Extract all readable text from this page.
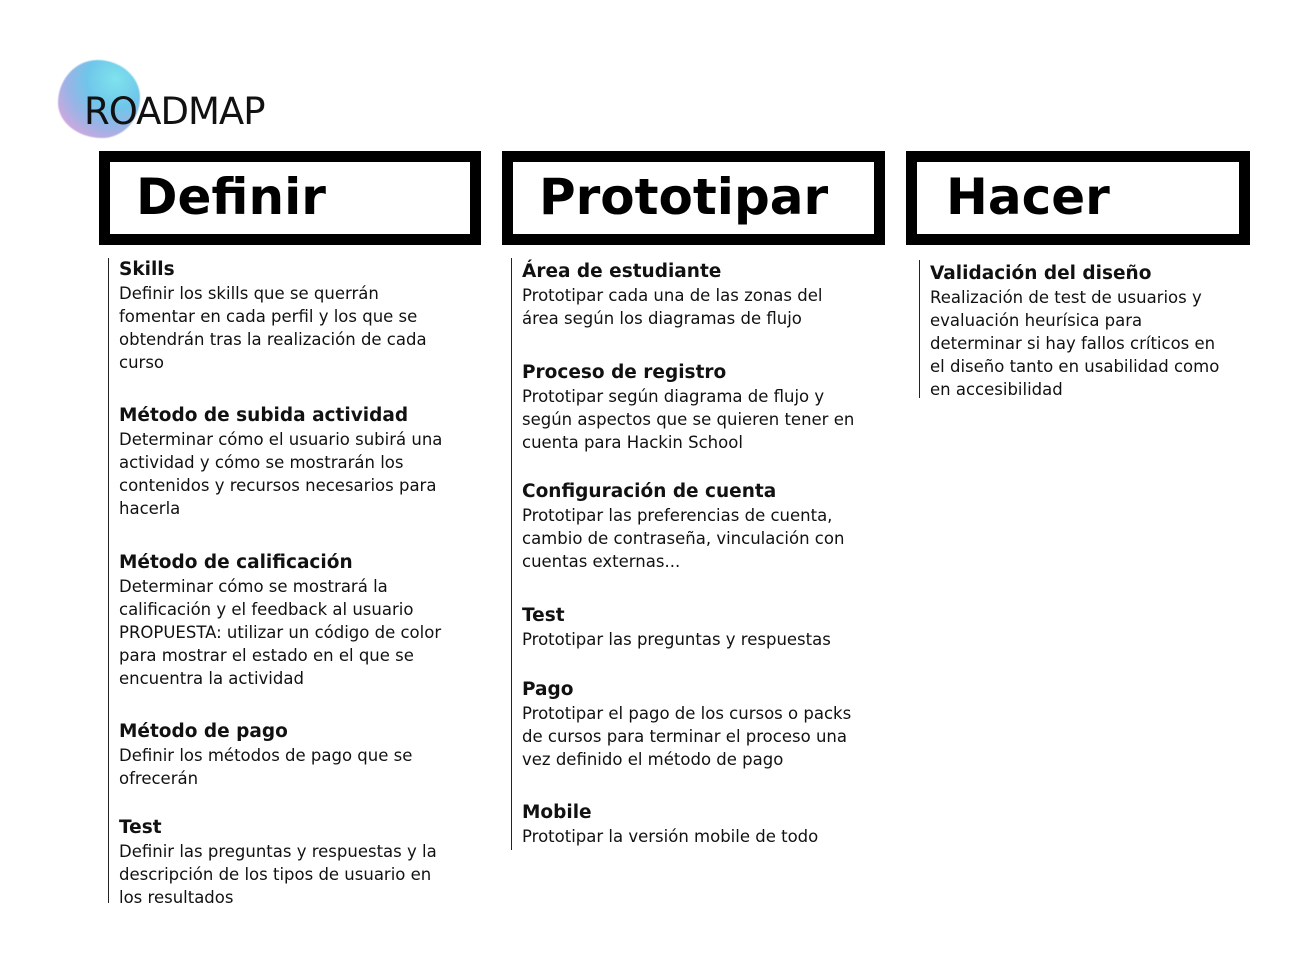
ROADMAP
Definir	Prototipar Hacer
Skills
Definir los skills que se querrán
fomentar en cada perfil y los que se
obtendrán tras la realización de cada
curso
Método de subida actividad
Determinar cómo el usuario subirá una
actividad y cómo se mostrarán los
contenidos y recursos necesarios para
hacerla
Método de calificación
Determinar cómo se mostrará la
calificación y el feedback al usuario
PROPUESTA: utilizar un código de color
para mostrar el estado en el que se
encuentra la actividad
Método de pago
Definir los métodos de pago que se
ofrecerán
Test
Definir las preguntas y respuestas y la
descripción de los tipos de usuario en
los resultados
Área de estudiante
Prototipar cada una de las zonas del
área según los diagramas de flujo
Proceso de registro
Prototipar según diagrama de flujo y
según aspectos que se quieren tener en
cuenta para Hackin School
Configuración de cuenta
Prototipar las preferencias de cuenta,
cambio de contraseña, vinculación con
cuentas externas...
Test
Prototipar las preguntas y respuestas
Pago
Prototipar el pago de los cursos o packs
de cursos para terminar el proceso una
vez definido el método de pago
Mobile
Prototipar la versión mobile de todo
Validación del diseño
Realización de test de usuarios y
evaluación heurísica para
determinar si hay fallos críticos en
el diseño tanto en usabilidad como
en accesibilidad
